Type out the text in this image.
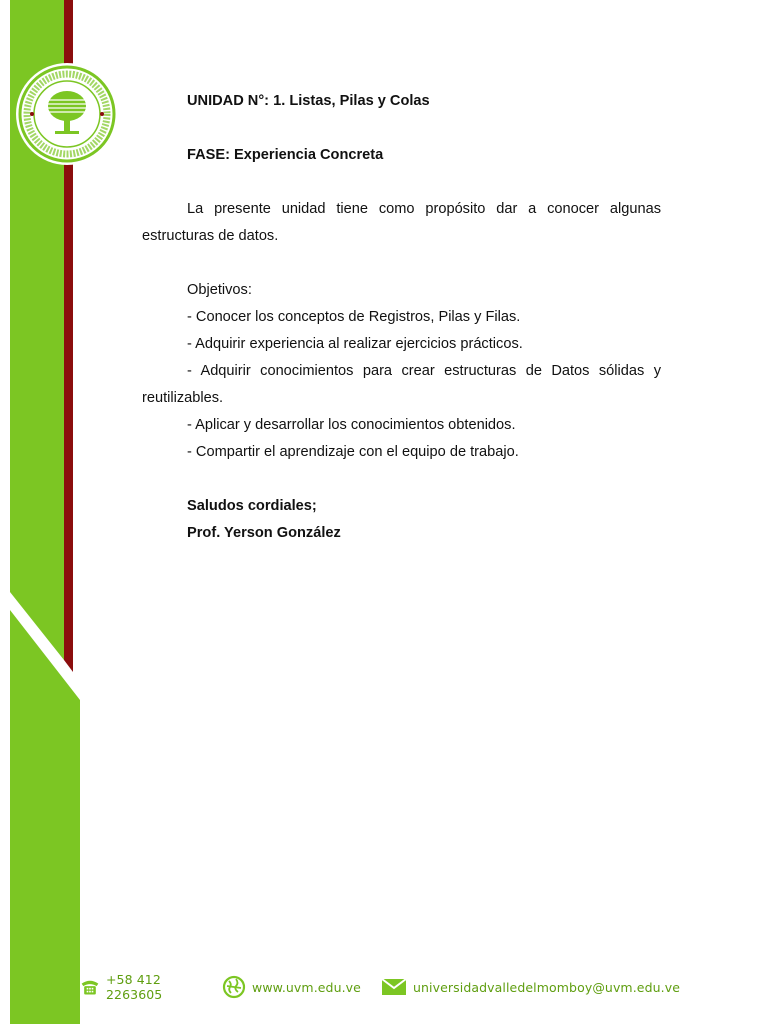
UNIDAD N°: 1. Listas, Pilas y Colas

FASE: Experiencia Concreta

La presente unidad tiene como propósito dar a conocer algunas estructuras de datos.

Objetivos:

- Conocer los conceptos de Registros, Pilas y Filas.

- Adquirir experiencia al realizar ejercicios prácticos.

- Adquirir conocimientos para crear estructuras de Datos sólidas y reutilizables.

- Aplicar y desarrollar los conocimientos obtenidos.

- Compartir el aprendizaje con el equipo de trabajo.

Saludos cordiales;

Prof. Yerson González

+58 412 2263605	www.uvm.edu.ve	universidadvalledelmomboy@uvm.edu.ve
